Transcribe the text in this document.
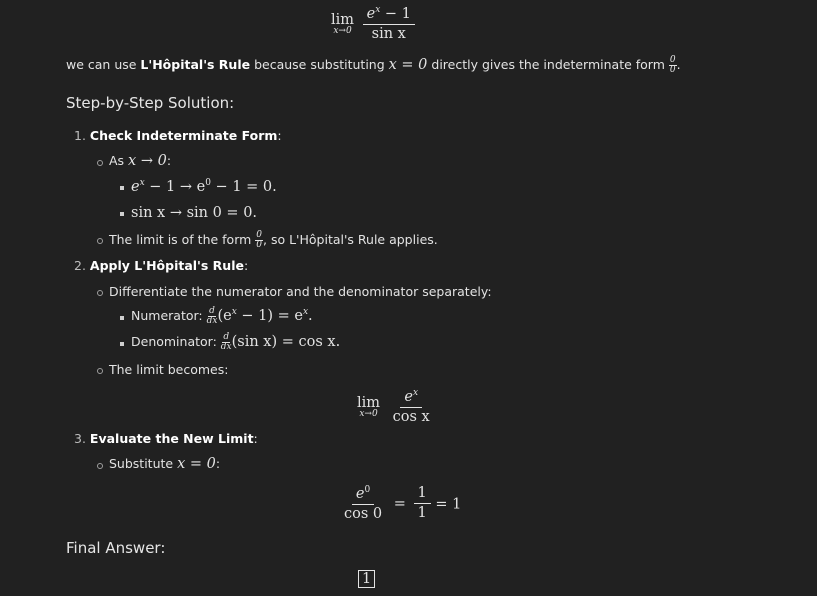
lim
x→0
$\frac{e^x - 1}{\text{sin x}}$
we can use L'Hôpital's Rule because substituting x = 0 directly gives the indeterminate form $\frac{0}{0}$ .
Step-by-Step Solution:
1. Check Indeterminate Form:
As x → 0:
$e^x - 1 \to e^0 - 1 = 0$.
sin x → sin 0 = 0.
The limit is of the form $\frac{0}{0}$ , so L'Hôpital's Rule applies.
2. Apply L'Hôpital's Rule:
Differentiate the numerator and the denominator separately:
Numerator: $\frac{d}{dx} (e^x - 1) = e^x$.
Denominator: $\frac{d}{dx} (\sin$ x) = cos x.
The limit becomes:
lim
x→0
$\frac{e^x}{\text{cos x}}$
3. Evaluate the New Limit:
Substitute x = 0:
$\frac{e^0}{\cos 0} = \frac{1}{1} = 1$
Final Answer:
1
